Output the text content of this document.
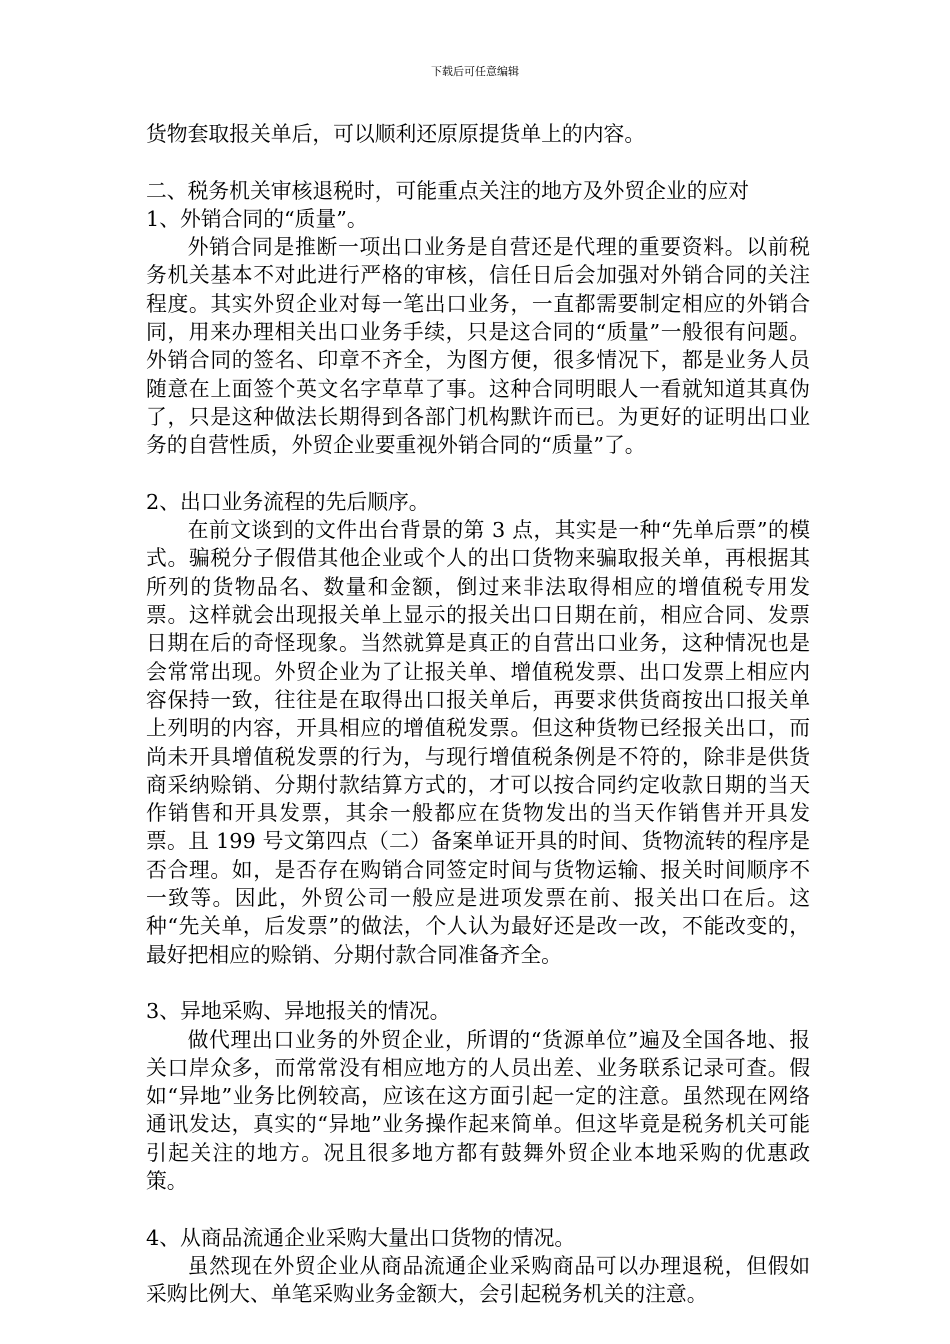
下载后可任意编辑

货物套取报关单后，可以顺利还原原提货单上的内容。

二、税务机关审核退税时，可能重点关注的地方及外贸企业的应对

1、外销合同的“质量”。

外销合同是推断一项出口业务是自营还是代理的重要资料。以前税务机关基本不对此进行严格的审核，信任日后会加强对外销合同的关注程度。其实外贸企业对每一笔出口业务，一直都需要制定相应的外销合同，用来办理相关出口业务手续，只是这合同的“质量”一般很有问题。外销合同的签名、印章不齐全，为图方便，很多情况下，都是业务人员随意在上面签个英文名字草草了事。这种合同明眼人一看就知道其真伪了，只是这种做法长期得到各部门机构默许而已。为更好的证明出口业务的自营性质，外贸企业要重视外销合同的“质量”了。

2、出口业务流程的先后顺序。

在前文谈到的文件出台背景的第 3 点，其实是一种“先单后票”的模式。骗税分子假借其他企业或个人的出口货物来骗取报关单，再根据其所列的货物品名、数量和金额，倒过来非法取得相应的增值税专用发票。这样就会出现报关单上显示的报关出口日期在前，相应合同、发票日期在后的奇怪现象。当然就算是真正的自营出口业务，这种情况也是会常常出现。外贸企业为了让报关单、增值税发票、出口发票上相应内容保持一致，往往是在取得出口报关单后，再要求供货商按出口报关单上列明的内容，开具相应的增值税发票。但这种货物已经报关出口，而尚未开具增值税发票的行为，与现行增值税条例是不符的，除非是供货商采纳赊销、分期付款结算方式的，才可以按合同约定收款日期的当天作销售和开具发票，其余一般都应在货物发出的当天作销售并开具发票。且 199 号文第四点（二）备案单证开具的时间、货物流转的程序是否合理。如，是否存在购销合同签定时间与货物运输、报关时间顺序不一致等。因此，外贸公司一般应是进项发票在前、报关出口在后。这种“先关单，后发票”的做法，个人认为最好还是改一改，不能改变的，最好把相应的赊销、分期付款合同准备齐全。

3、异地采购、异地报关的情况。

做代理出口业务的外贸企业，所谓的“货源单位”遍及全国各地、报关口岸众多，而常常没有相应地方的人员出差、业务联系记录可查。假如“异地”业务比例较高，应该在这方面引起一定的注意。虽然现在网络通讯发达，真实的“异地”业务操作起来简单。但这毕竟是税务机关可能引起关注的地方。况且很多地方都有鼓舞外贸企业本地采购的优惠政策。

4、从商品流通企业采购大量出口货物的情况。

虽然现在外贸企业从商品流通企业采购商品可以办理退税，但假如采购比例大、单笔采购业务金额大，会引起税务机关的注意。
